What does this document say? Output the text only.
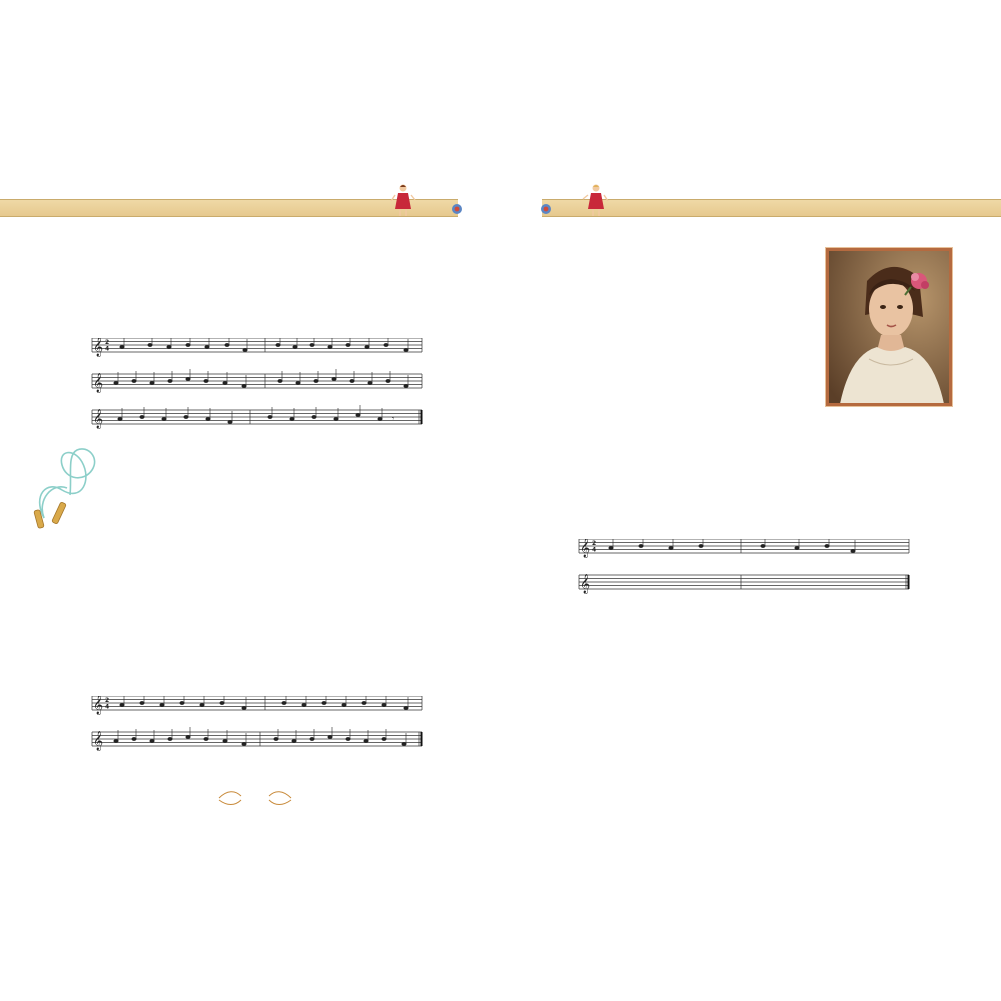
𝄞
𝄞
𝄞
2
4
𝄾
𝄞
𝄞
2
4
𝄞
𝄞
2
4
